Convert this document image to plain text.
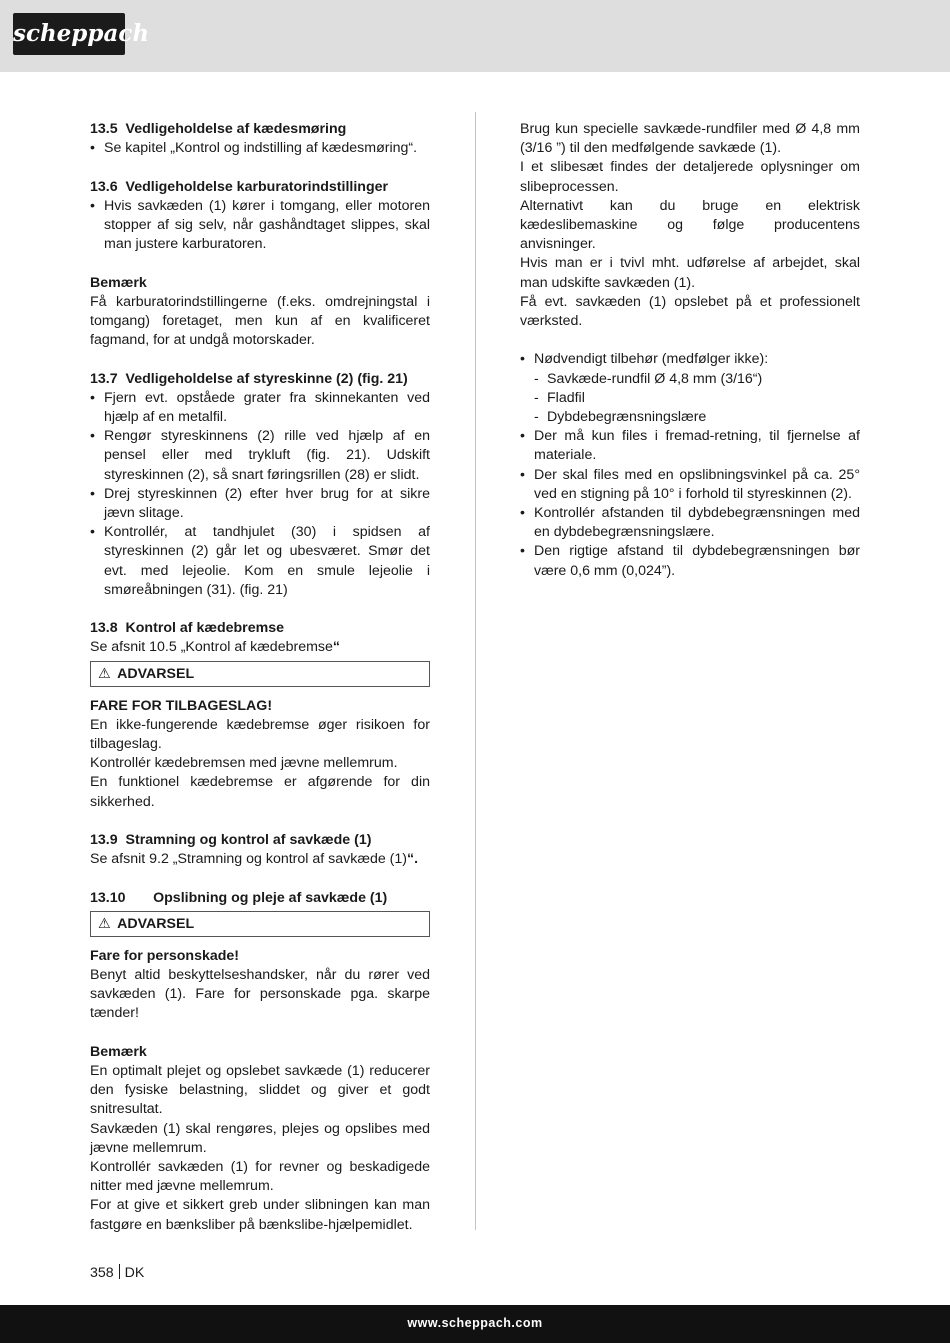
scheppach
13.5 Vedligeholdelse af kædesmøring
• Se kapitel „Kontrol og indstilling af kædesmøring“.
13.6 Vedligeholdelse karburatorindstillinger
• Hvis savkæden (1) kører i tomgang, eller motoren stopper af sig selv, når gashåndtaget slippes, skal man justere karburatoren.

Bemærk

Få karburatorindstillingerne (f.eks. omdrejningstal i tomgang) foretaget, men kun af en kvalificeret fagmand, for at undgå motorskader.

13.7 Vedligeholdelse af styreskinne (2) (fig. 21)
• Fjern evt. opståede grater fra skinnekanten ved hjælp af en metalfil.
• Rengør styreskinnens (2) rille ved hjælp af en pensel eller med trykluft (fig. 21). Udskift styreskinnen (2), så snart føringsrillen (28) er slidt.
• Drej styreskinnen (2) efter hver brug for at sikre jævn slitage.
• Kontrollér, at tandhjulet (30) i spidsen af styreskinnen (2) går let og ubesværet. Smør det evt. med lejeolie. Kom en smule lejeolie i smøreåbningen (31). (fig. 21)
13.8 Kontrol af kædebremse

Se afsnit 10.5 „Kontrol af kædebremse“

⚠ ADVARSEL

FARE FOR TILBAGESLAG!

En ikke-fungerende kædebremse øger risikoen for tilbageslag.

Kontrollér kædebremsen med jævne mellemrum.

En funktionel kædebremse er afgørende for din sikkerhed.

13.9 Stramning og kontrol af savkæde (1)

Se afsnit 9.2 „Stramning og kontrol af savkæde (1)“.

13.10 Opslibning og pleje af savkæde (1)
⚠ ADVARSEL

Fare for personskade!

Benyt altid beskyttelseshandsker, når du rører ved savkæden (1). Fare for personskade pga. skarpe tænder!

Bemærk

En optimalt plejet og opslebet savkæde (1) reducerer den fysiske belastning, sliddet og giver et godt snitresultat.

Savkæden (1) skal rengøres, plejes og opslibes med jævne mellemrum.

Kontrollér savkæden (1) for revner og beskadigede nitter med jævne mellemrum.

For at give et sikkert greb under slibningen kan man fastgøre en bænksliber på bænkslibe-hjælpemidlet.

Brug kun specielle savkæde-rundfiler med Ø 4,8 mm (3/16 ”) til den medfølgende savkæde (1).

I et slibesæt findes der detaljerede oplysninger om slibeprocessen.

Alternativt kan du bruge en elektrisk kædeslibemaskine og følge producentens anvisninger.

Hvis man er i tvivl mht. udførelse af arbejdet, skal man udskifte savkæden (1).

Få evt. savkæden (1) opslebet på et professionelt værksted.

• Nødvendigt tilbehør (medfølger ikke):
- Savkæde-rundfil Ø 4,8 mm (3/16“)
- Fladfil
- Dybdebegrænsningslære
• Der må kun files i fremad-retning, til fjernelse af materiale.
• Der skal files med en opslibningsvinkel på ca. 25° ved en stigning på 10° i forhold til styreskinnen (2).
• Kontrollér afstanden til dybdebegrænsningen med en dybdebegrænsningslære.
• Den rigtige afstand til dybdebegrænsningen bør være 0,6 mm (0,024”).
358 DK
www.scheppach.com
